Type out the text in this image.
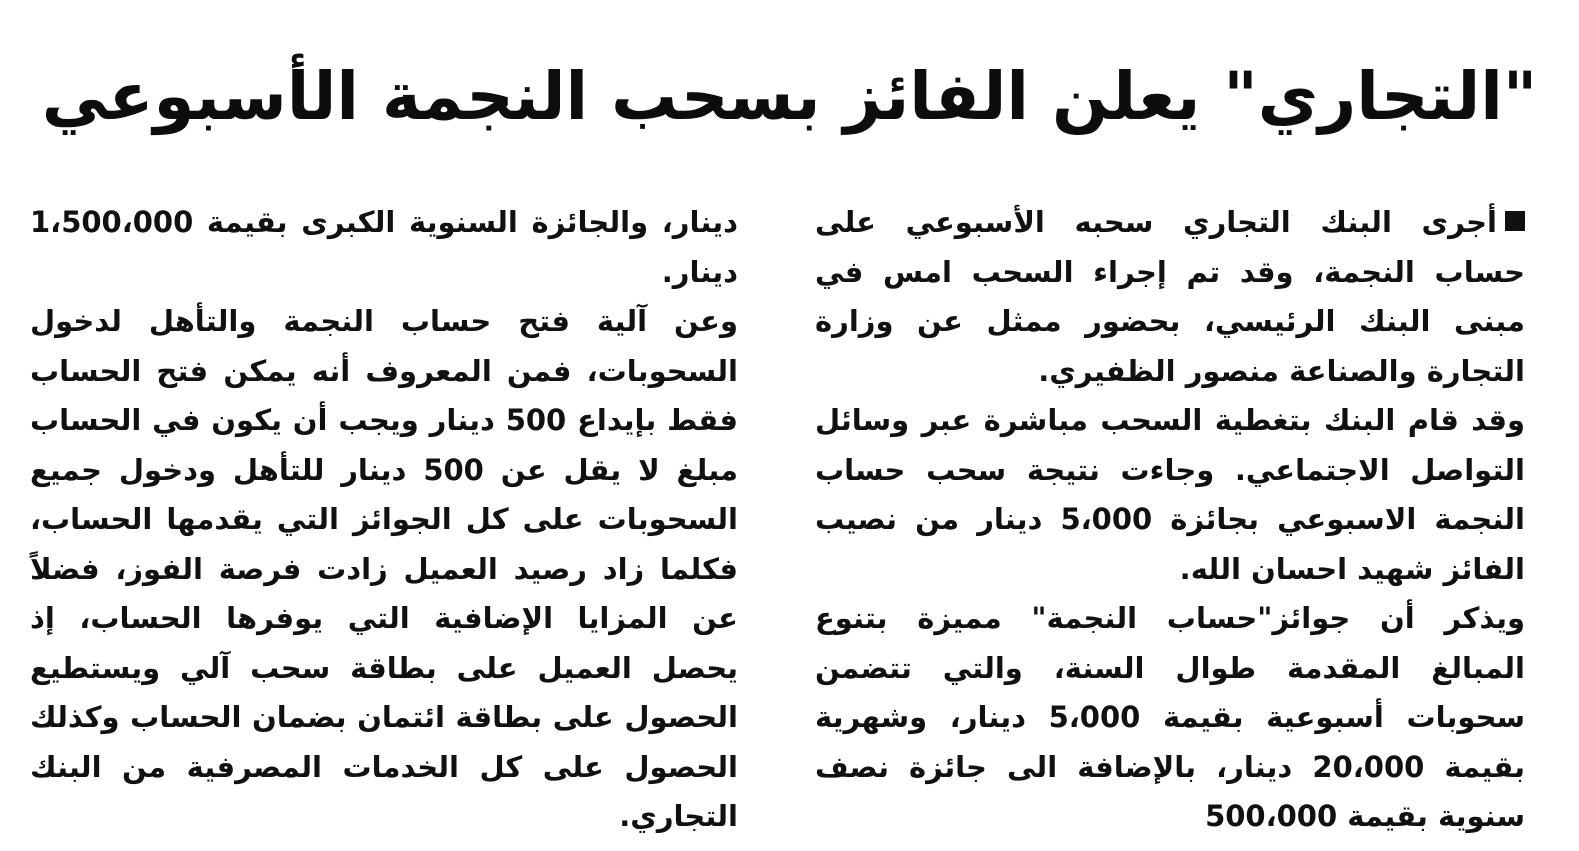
"التجاري" يعلن الفائز بسحب النجمة الأسبوعي

أجرى البنك التجاري سحبه الأسبوعي على حساب النجمة، وقد تم إجراء السحب امس في مبنى البنك الرئيسي، بحضور ممثل عن وزارة التجارة والصناعة منصور الظفيري.

وقد قام البنك بتغطية السحب مباشرة عبر وسائل التواصل الاجتماعي. وجاءت نتيجة سحب حساب النجمة الاسبوعي بجائزة 5،000 دينار من نصيب الفائز شهيد احسان الله.

ويذكر أن جوائز"حساب النجمة" مميزة بتنوع المبالغ المقدمة طوال السنة، والتي تتضمن سحوبات أسبوعية بقيمة 5،000 دينار، وشهرية بقيمة 20،000 دينار، بالإضافة الى جائزة نصف سنوية بقيمة 500،000

دينار، والجائزة السنوية الكبرى بقيمة 1،500،000 دينار.

وعن آلية فتح حساب النجمة والتأهل لدخول السحوبات، فمن المعروف أنه يمكن فتح الحساب فقط بإيداع 500 دينار ويجب أن يكون في الحساب مبلغ لا يقل عن 500 دينار للتأهل ودخول جميع السحوبات على كل الجوائز التي يقدمها الحساب، فكلما زاد رصيد العميل زادت فرصة الفوز، فضلاً عن المزايا الإضافية التي يوفرها الحساب، إذ يحصل العميل على بطاقة سحب آلي ويستطيع الحصول على بطاقة ائتمان بضمان الحساب وكذلك الحصول على كل الخدمات المصرفية من البنك التجاري.
